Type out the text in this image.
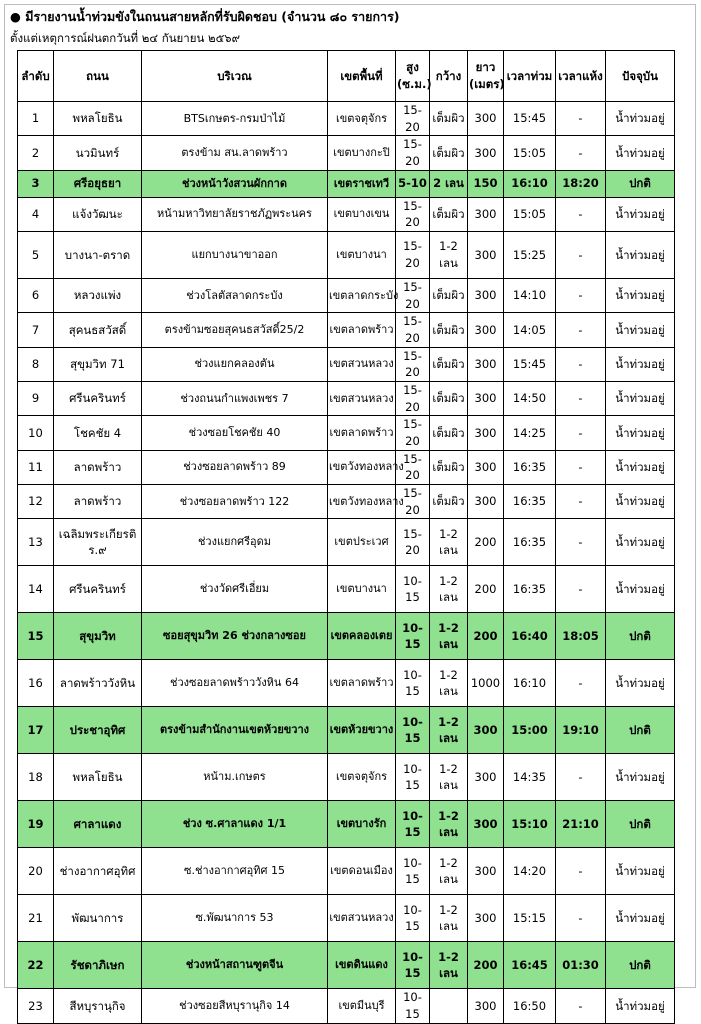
● มีรายงานน้ำท่วมขังในถนนสายหลักที่รับผิดชอบ (จำนวน ๘๐ รายการ)
ตั้งแต่เหตุการณ์ฝนตกวันที่ ๒๔ กันยายน ๒๕๖๙
ลำดับ	ถนน	บริเวณ	เขตพื้นที่	สูง (ซ.ม.)	กว้าง	ยาว (เมตร)	เวลาท่วม	เวลาแห้ง	ปัจจุบัน
1	พหลโยธิน	BTSเกษตร-กรมป่าไม้	เขตจตุจักร	15-20	เต็มผิว	300	15:45	-	น้ำท่วมอยู่
2	นวมินทร์	ตรงข้าม สน.ลาดพร้าว	เขตบางกะปิ	15-20	เต็มผิว	300	15:05	-	น้ำท่วมอยู่
3	ศรีอยุธยา	ช่วงหน้าวังสวนผักกาด	เขตราชเทวี	5-10	2 เลน	150	16:10	18:20	ปกติ
4	แจ้งวัฒนะ	หน้ามหาวิทยาลัยราชภัฏพระนคร	เขตบางเขน	15-20	เต็มผิว	300	15:05	-	น้ำท่วมอยู่
5	บางนา-ตราด	แยกบางนาขาออก	เขตบางนา	15-20	1-2 เลน	300	15:25	-	น้ำท่วมอยู่
6	หลวงแพ่ง	ช่วงโลตัสลาดกระบัง	เขตลาดกระบัง	15-20	เต็มผิว	300	14:10	-	น้ำท่วมอยู่
7	สุคนธสวัสดิ์	ตรงข้ามซอยสุคนธสวัสดิ์25/2	เขตลาดพร้าว	15-20	เต็มผิว	300	14:05	-	น้ำท่วมอยู่
8	สุขุมวิท 71	ช่วงแยกคลองตัน	เขตสวนหลวง	15-20	เต็มผิว	300	15:45	-	น้ำท่วมอยู่
9	ศรีนครินทร์	ช่วงถนนกำแพงเพชร 7	เขตสวนหลวง	15-20	เต็มผิว	300	14:50	-	น้ำท่วมอยู่
10	โชคชัย 4	ช่วงซอยโชคชัย 40	เขตลาดพร้าว	15-20	เต็มผิว	300	14:25	-	น้ำท่วมอยู่
11	ลาดพร้าว	ช่วงซอยลาดพร้าว 89	เขตวังทองหลาง	15-20	เต็มผิว	300	16:35	-	น้ำท่วมอยู่
12	ลาดพร้าว	ช่วงซอยลาดพร้าว 122	เขตวังทองหลาง	15-20	เต็มผิว	300	16:35	-	น้ำท่วมอยู่
13	เฉลิมพระเกียรติ ร.๙	ช่วงแยกศรีอุดม	เขตประเวศ	15-20	1-2 เลน	200	16:35	-	น้ำท่วมอยู่
14	ศรีนครินทร์	ช่วงวัดศรีเอี่ยม	เขตบางนา	10-15	1-2 เลน	200	16:35	-	น้ำท่วมอยู่
15	สุขุมวิท	ซอยสุขุมวิท 26 ช่วงกลางซอย	เขตคลองเตย	10-15	1-2 เลน	200	16:40	18:05	ปกติ
16	ลาดพร้าววังหิน	ช่วงซอยลาดพร้าววังหิน 64	เขตลาดพร้าว	10-15	1-2 เลน	1000	16:10	-	น้ำท่วมอยู่
17	ประชาอุทิศ	ตรงข้ามสำนักงานเขตห้วยขวาง	เขตห้วยขวาง	10-15	1-2 เลน	300	15:00	19:10	ปกติ
18	พหลโยธิน	หน้าม.เกษตร	เขตจตุจักร	10-15	1-2 เลน	300	14:35	-	น้ำท่วมอยู่
19	ศาลาแดง	ช่วง ซ.ศาลาแดง 1/1	เขตบางรัก	10-15	1-2 เลน	300	15:10	21:10	ปกติ
20	ช่างอากาศอุทิศ	ซ.ช่างอากาศอุทิศ 15	เขตดอนเมือง	10-15	1-2 เลน	300	14:20	-	น้ำท่วมอยู่
21	พัฒนาการ	ซ.พัฒนาการ 53	เขตสวนหลวง	10-15	1-2 เลน	300	15:15	-	น้ำท่วมอยู่
22	รัชดาภิเษก	ช่วงหน้าสถานฑูตจีน	เขตดินแดง	10-15	1-2 เลน	200	16:45	01:30	ปกติ
23	สีหบุรานุกิจ	ช่วงซอยสีหบุรานุกิจ 14	เขตมีนบุรี	10-15		300	16:50	-	น้ำท่วมอยู่
